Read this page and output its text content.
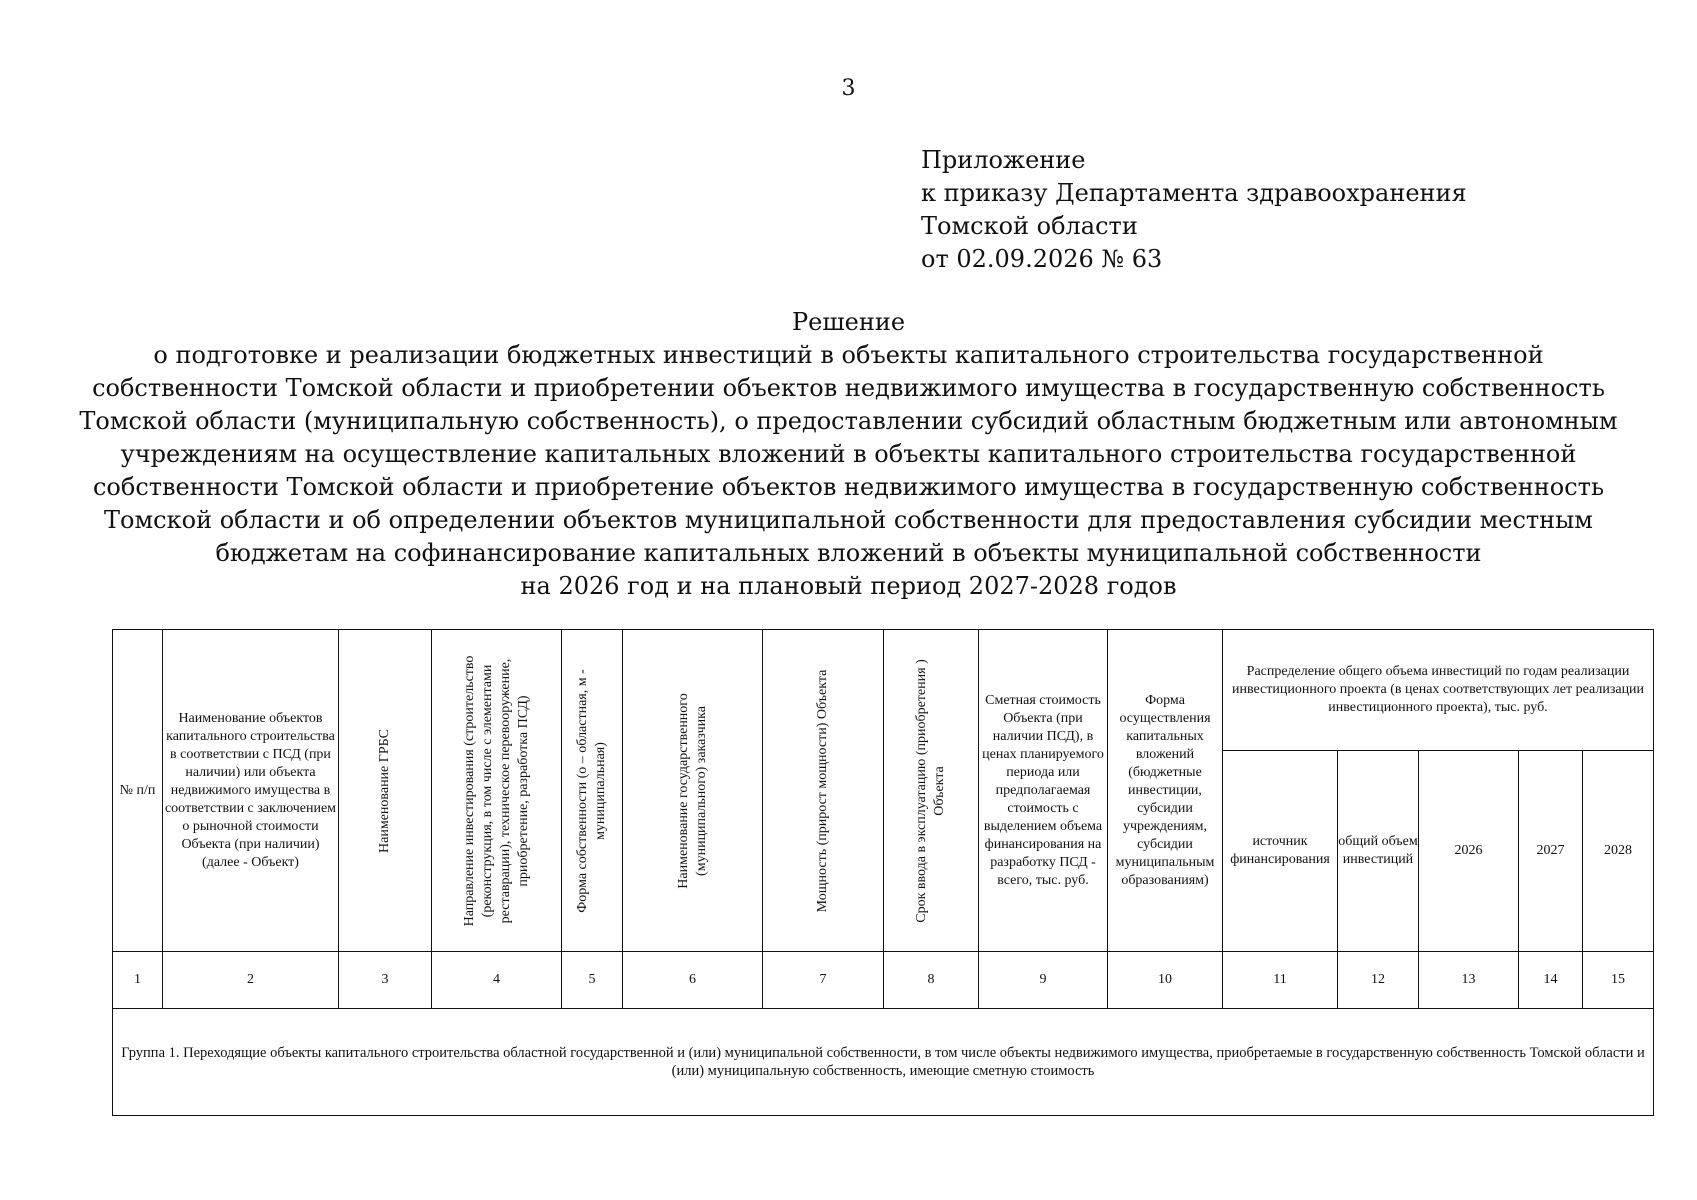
3
Приложение
к приказу Департамента здравоохранения
Томской области
от 02.09.2026 № 63
Решение
о подготовке и реализации бюджетных инвестиций в объекты капитального строительства государственной
собственности Томской области и приобретении объектов недвижимого имущества в государственную собственность
Томской области (муниципальную собственность), о предоставлении субсидий областным бюджетным или автономным
учреждениям на осуществление капитальных вложений в объекты капитального строительства государственной
собственности Томской области и приобретение объектов недвижимого имущества в государственную собственность
Томской области и об определении объектов муниципальной собственности для предоставления субсидии местным
бюджетам на софинансирование капитальных вложений в объекты муниципальной собственности
на 2026 год и на плановый период 2027-2028 годов
№ п/п	Наименование объектов капитального строительства в соответствии с ПСД (при наличии) или объекта недвижимого имущества в соответствии с заключением о рыночной стоимости Объекта (при наличии) (далее - Объект)	Наименование ГРБС	Направление инвестирования (строительство (реконструкция, в том числе с элементами реставрации), техническое перевооружение, приобретение, разработка ПСД)	Форма собственности (о – областная, м - муниципальная)	Наименование государственного (муниципального) заказчика	Мощность (прирост мощности) Объекта	Срок ввода в эксплуатацию (приобретения ) Объекта	Сметная стоимость Объекта (при наличии ПСД), в ценах планируемого периода или предполагаемая стоимость с выделением объема финансирования на разработку ПСД - всего, тыс. руб.	Форма осуществления капитальных вложений (бюджетные инвестиции, субсидии учреждениям, субсидии муниципальным образованиям)	Распределение общего объема инвестиций по годам реализации инвестиционного проекта (в ценах соответствующих лет реализации инвестиционного проекта), тыс. руб.				
										источник финансирования	общий объем инвестиций	2026	2027	2028
1	2	3	4	5	6	7	8	9	10	11	12	13	14	15
Группа 1. Переходящие объекты капитального строительства областной государственной и (или) муниципальной собственности, в том числе объекты недвижимого имущества, приобретаемые в государственную собственность Томской области и (или) муниципальную собственность, имеющие сметную стоимость														
